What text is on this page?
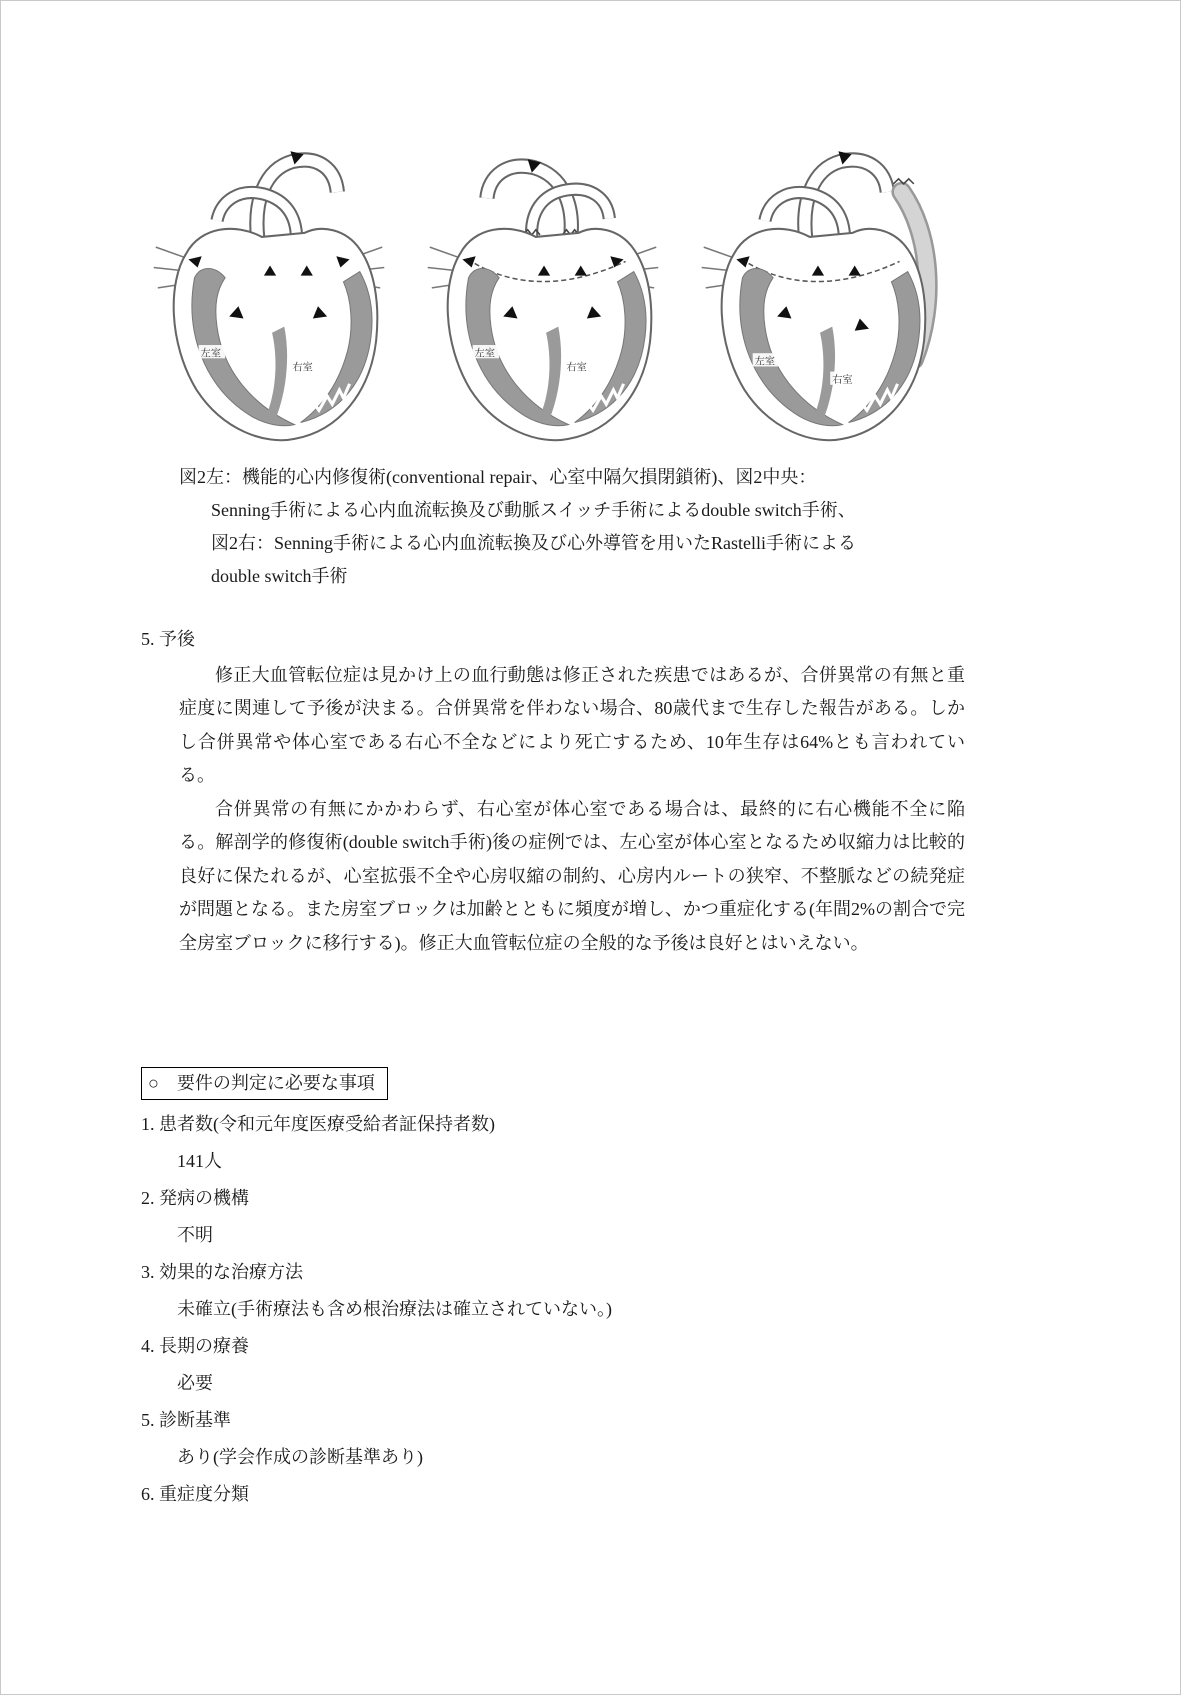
左室
右室
左室
右室
左室
右室
図2左：機能的心内修復術(conventional repair、心室中隔欠損閉鎖術)、図2中央：
Senning手術による心内血流転換及び動脈スイッチ手術によるdouble switch手術、
図2右：Senning手術による心内血流転換及び心外導管を用いたRastelli手術による
double switch手術
5. 予後

修正大血管転位症は見かけ上の血行動態は修正された疾患ではあるが、合併異常の有無と重症度に関連して予後が決まる。合併異常を伴わない場合、80歳代まで生存した報告がある。しかし合併異常や体心室である右心不全などにより死亡するため、10年生存は64%とも言われている。

合併異常の有無にかかわらず、右心室が体心室である場合は、最終的に右心機能不全に陥る。解剖学的修復術(double switch手術)後の症例では、左心室が体心室となるため収縮力は比較的良好に保たれるが、心室拡張不全や心房収縮の制約、心房内ルートの狭窄、不整脈などの続発症が問題となる。また房室ブロックは加齢とともに頻度が増し、かつ重症化する(年間2%の割合で完全房室ブロックに移行する)。修正大血管転位症の全般的な予後は良好とはいえない。

○　要件の判定に必要な事項
1. 患者数(令和元年度医療受給者証保持者数)
141人
2. 発病の機構
不明
3. 効果的な治療方法
未確立(手術療法も含め根治療法は確立されていない。)
4. 長期の療養
必要
5. 診断基準
あり(学会作成の診断基準あり)
6. 重症度分類
